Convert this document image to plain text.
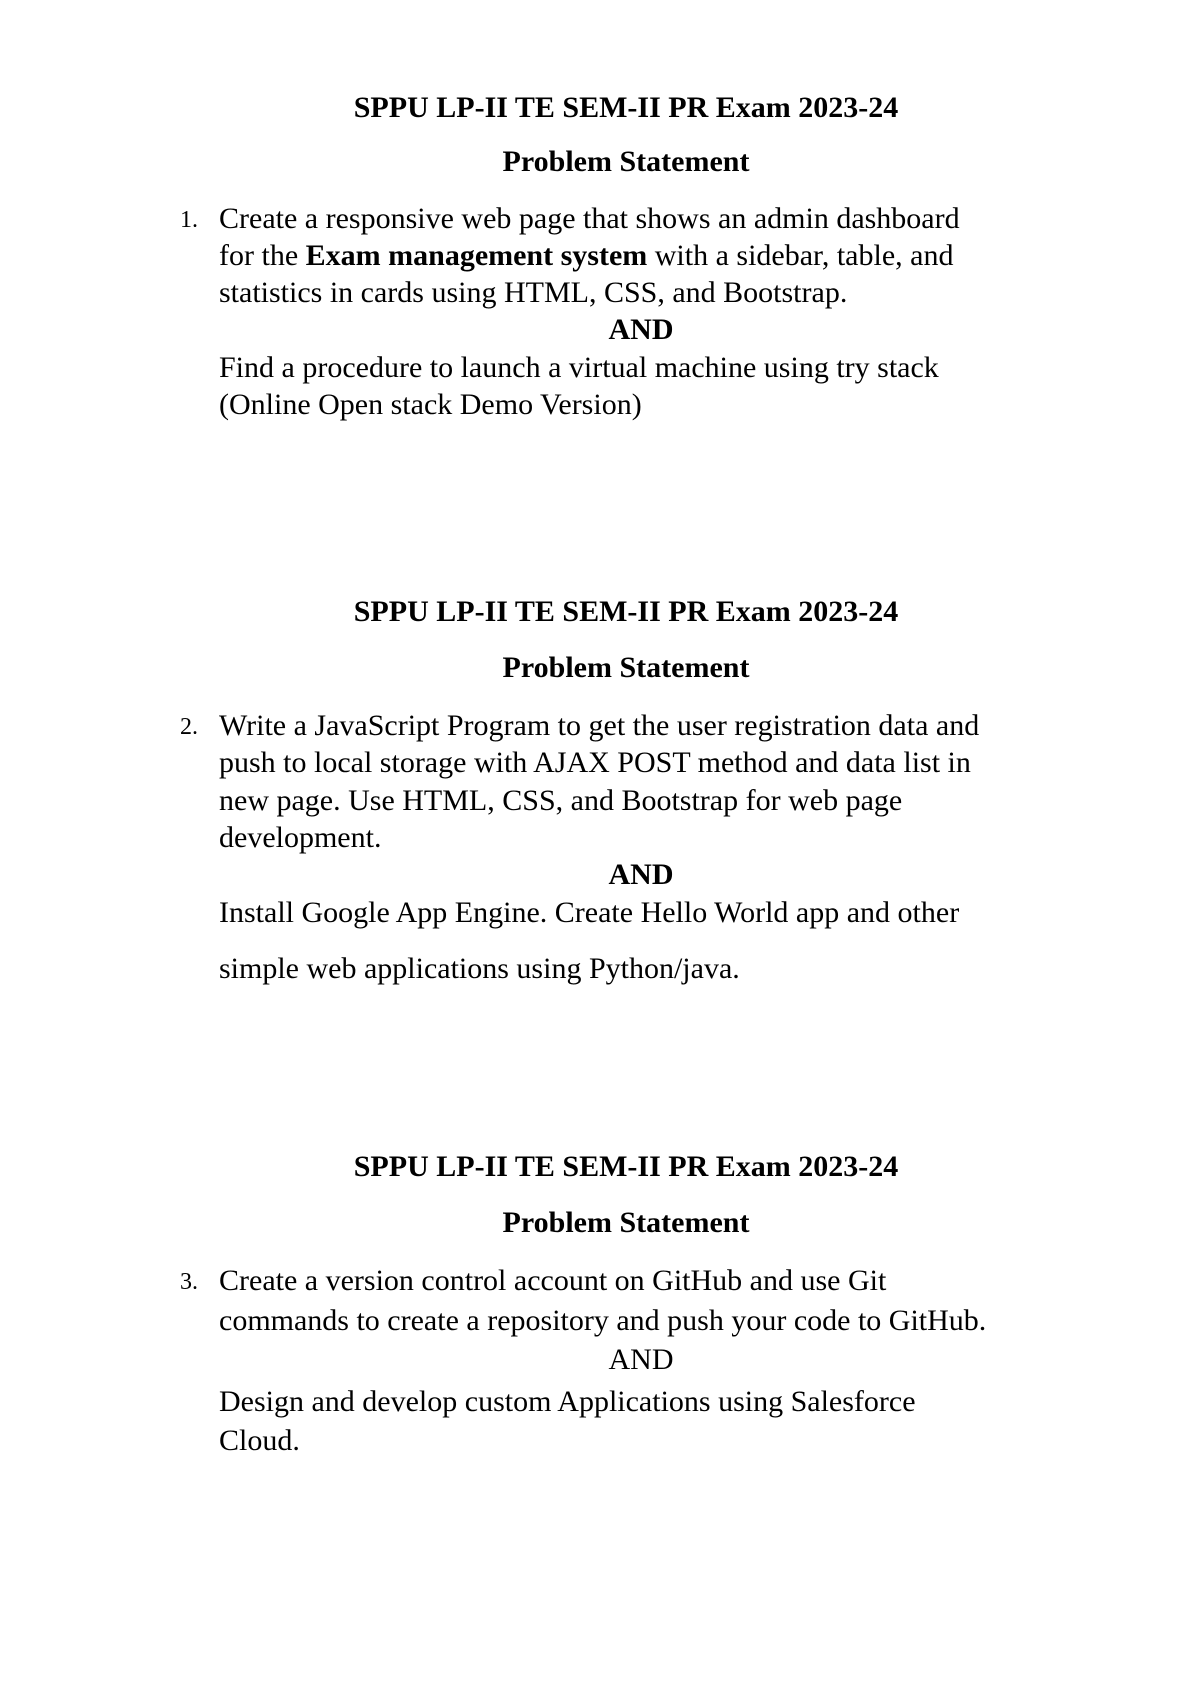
SPPU LP-II TE SEM-II PR Exam 2023-24
Problem Statement
1. Create a responsive web page that shows an admin dashboard
for the Exam management system with a sidebar, table, and
statistics in cards using HTML, CSS, and Bootstrap.
AND
Find a procedure to launch a virtual machine using try stack
(Online Open stack Demo Version)
SPPU LP-II TE SEM-II PR Exam 2023-24
Problem Statement
2. Write a JavaScript Program to get the user registration data and
push to local storage with AJAX POST method and data list in
new page. Use HTML, CSS, and Bootstrap for web page
development.
AND
Install Google App Engine. Create Hello World app and other
simple web applications using Python/java.
SPPU LP-II TE SEM-II PR Exam 2023-24
Problem Statement
3. Create a version control account on GitHub and use Git
commands to create a repository and push your code to GitHub.
AND
Design and develop custom Applications using Salesforce
Cloud.
